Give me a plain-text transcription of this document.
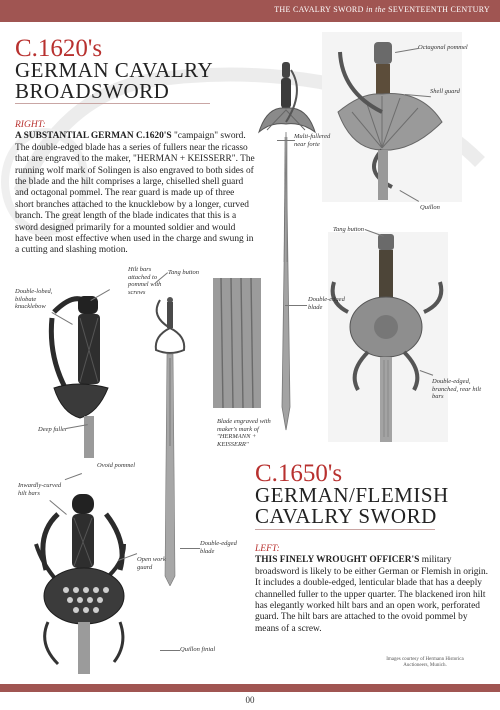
THE CAVALRY SWORD in the SEVENTEENTH CENTURY
C.1620's
GERMAN CAVALRY
BROADSWORD
RIGHT:
A SUBSTANTIAL GERMAN C.1620'S "campaign" sword. The double-edged blade has a series of fullers near the ricasso that are engraved to the maker, "HERMAN + KEISSERR". The running wolf mark of Solingen is also engraved to both sides of the blade and the hilt comprises a large, chiselled shell guard and octagonal pommel. The rear guard is made up of three short branches attached to the knucklebow by a longer, curved branch. The great length of the blade indicates that this is a sword designed primarily for a mounted soldier and would have been most effective when used in the charge and swung in a cutting and slashing motion.
Octagonal pommel
Shell guard
Quillon
Multi-fullered near forte
Tang button
Double-edged blade
Double-edged, branched, rear hilt bars
Double-lobed, bilobate knucklebow
Hilt bars attached to pommel with screws
Tang button
Deep fuller
Blade engraved with maker's mark of "HERMANN + KEISSERR"
Ovoid pommel
Inwardly-curved hilt bars
Open work guard
Double-edged blade
Quillon finial
C.1650's
GERMAN/FLEMISH
CAVALRY SWORD
LEFT:
THIS FINELY WROUGHT OFFICER'S military broadsword is likely to be either German or Flemish in origin. It includes a double-edged, lenticular blade that has a deeply channelled fuller to the upper quarter. The blackened iron hilt has elegantly worked hilt bars and an open work, perforated guard. The hilt bars are attached to the ovoid pommel by means of a screw.
Images courtesy of Hermann Historica
Auctioneers, Munich.
00
